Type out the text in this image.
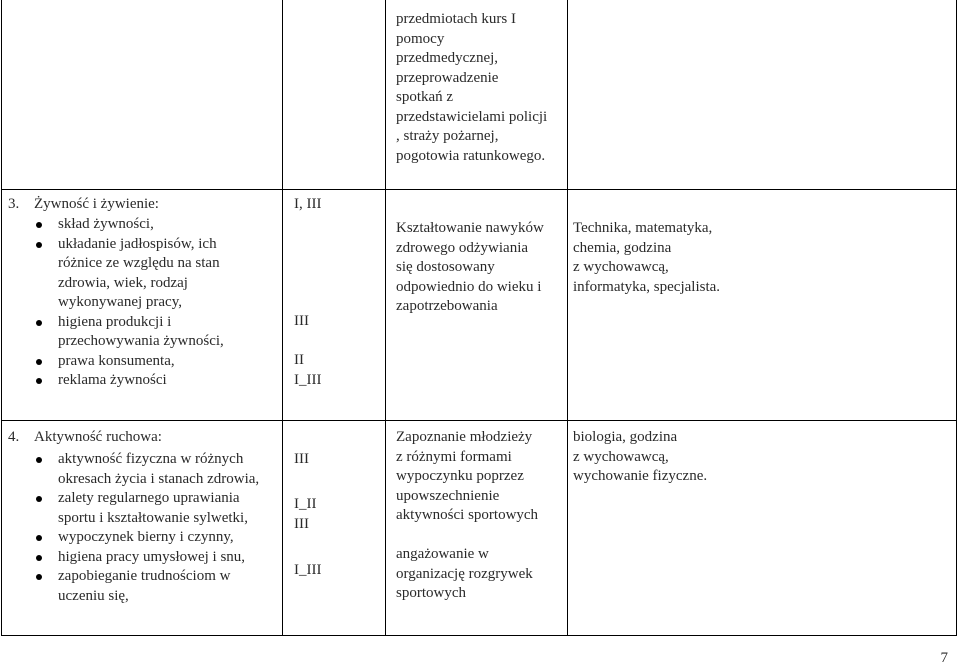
przedmiotach kurs I
pomocy
przedmedycznej,
przeprowadzenie
spotkań z
przedstawicielami policji
, straży pożarnej,
pogotowia ratunkowego.
3. Żywność i żywienie:
skład żywności,
układanie jadłospisów, ich
różnice ze względu na stan
zdrowia, wiek, rodzaj
wykonywanej pracy,
higiena produkcji i
przechowywania żywności,
prawa konsumenta,
reklama żywności
I, III
III
II
I_III
Kształtowanie nawyków
zdrowego odżywiania
się dostosowany
odpowiednio do wieku i
zapotrzebowania
Technika, matematyka,
chemia, godzina
z wychowawcą,
informatyka, specjalista.
4. Aktywność ruchowa:
aktywność fizyczna w różnych
okresach życia i stanach zdrowia,
zalety regularnego uprawiania
sportu i kształtowanie sylwetki,
wypoczynek bierny i czynny,
higiena pracy umysłowej i snu,
zapobieganie trudnościom w
uczeniu się,
III
I_II
III
I_III
Zapoznanie młodzieży
z różnymi formami
wypoczynku poprzez
upowszechnienie
aktywności sportowych
angażowanie w
organizację rozgrywek
sportowych
biologia, godzina
z wychowawcą,
wychowanie fizyczne.
7
